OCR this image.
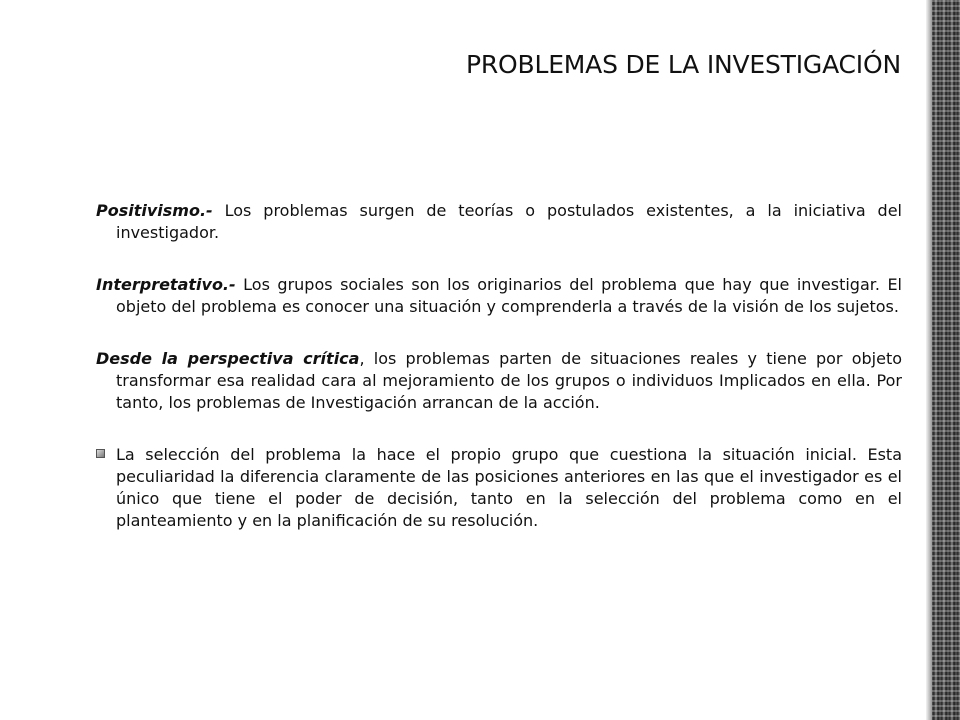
PROBLEMAS DE LA INVESTIGACIÓN

Positivismo.- Los problemas surgen de teorías o postulados existentes, a la iniciativa del investigador.

Interpretativo.- Los grupos sociales son los originarios del problema que hay que investigar. El objeto del problema es conocer una situación y comprenderla a través de la visión de los sujetos.

Desde la perspectiva crítica, los problemas parten de situaciones reales y tiene por objeto transformar esa realidad cara al mejoramiento de los grupos o individuos Implicados en ella. Por tanto, los problemas de Investigación arrancan de la acción.

La selección del problema la hace el propio grupo que cuestiona la situación inicial. Esta peculiaridad la diferencia claramente de las posiciones anteriores en las que el investigador es el único que tiene el poder de decisión, tanto en la selección del problema como en el planteamiento y en la planificación de su resolución.
